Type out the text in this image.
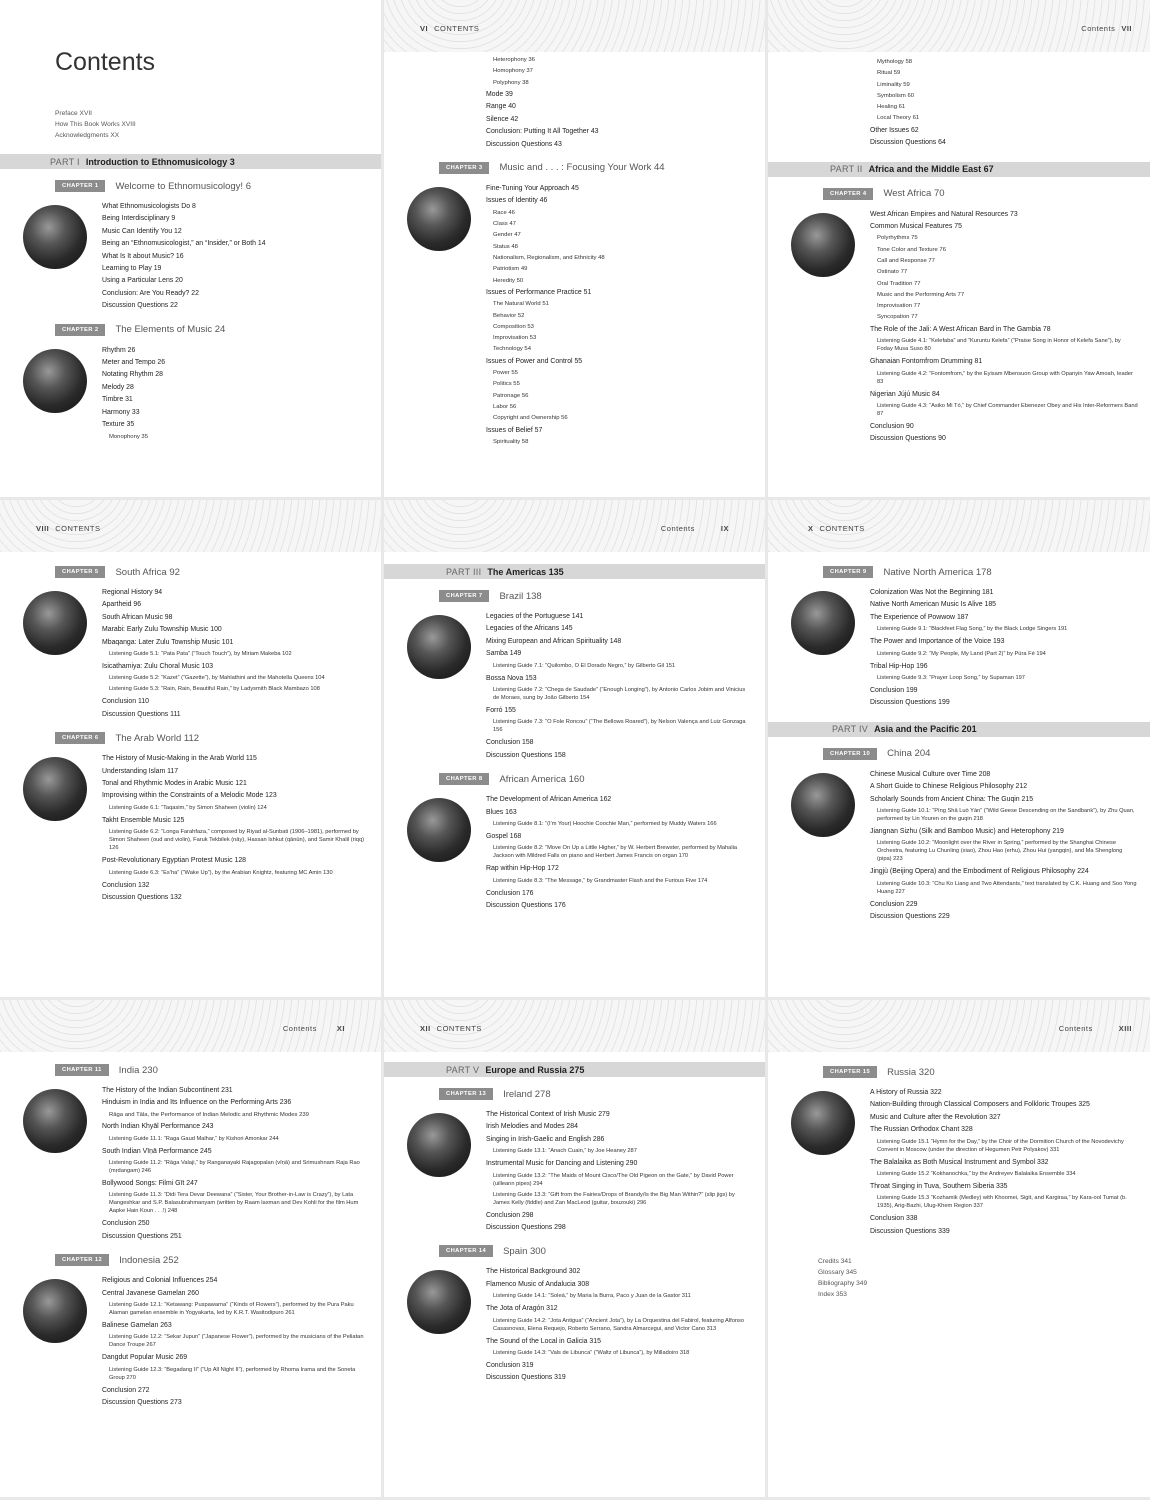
Contents
Preface XVII
How This Book Works XVIII
Acknowledgments XX
PART I Introduction to Ethnomusicology 3
CHAPTER 1	Welcome to Ethnomusicology! 6
What Ethnomusicologists Do 8
Being Interdisciplinary 9
Music Can Identify You 12
Being an “Ethnomusicologist,” an “Insider,” or Both 14
What Is It about Music? 16
Learning to Play 19
Using a Particular Lens 20
Conclusion: Are You Ready? 22
Discussion Questions 22
CHAPTER 2	The Elements of Music 24
Rhythm 26
Meter and Tempo 26
Notating Rhythm 28
Melody 28
Timbre 31
Harmony 33
Texture 35
Monophony 35
VI CONTENTS
Heterophony 36
Homophony 37
Polyphony 38
Mode 39
Range 40
Silence 42
Conclusion: Putting It All Together 43
Discussion Questions 43
CHAPTER 3	Music and . . . : Focusing Your Work 44
Fine-Tuning Your Approach 45
Issues of Identity 46
Race 46
Class 47
Gender 47
Status 48
Nationalism, Regionalism, and Ethnicity 48
Patriotism 49
Heredity 50
Issues of Performance Practice 51
The Natural World 51
Behavior 52
Composition 53
Improvisation 53
Technology 54
Issues of Power and Control 55
Power 55
Politics 55
Patronage 56
Labor 56
Copyright and Ownership 56
Issues of Belief 57
Spirituality 58
Contents VII
Mythology 58
Ritual 59
Liminality 59
Symbolism 60
Healing 61
Local Theory 61
Other Issues 62
Discussion Questions 64
PART II Africa and the Middle East 67
CHAPTER 4	West Africa 70
West African Empires and Natural Resources 73
Common Musical Features 75
Polyrhythms 75
Tone Color and Texture 76
Call and Response 77
Ostinato 77
Oral Tradition 77
Music and the Performing Arts 77
Improvisation 77
Syncopation 77
The Role of the Jali: A West African Bard in The Gambia 78
Listening Guide 4.1: “Kelefaba” and “Kuruntu Kelefa” (“Praise Song in Honor of Kelefa Sane”), by Foday Musa Suso 80
Ghanaian Fontomfrom Drumming 81
Listening Guide 4.2: “Fontomfrom,” by the Eyisam Mbensuon Group with Opanyin Yaw Amoah, leader 83
Nigerian Jújú Music 84
Listening Guide 4.3: “Asiko Mi Tó,” by Chief Commander Ebenezer Obey and His Inter-Reformers Band 87
Conclusion 90
Discussion Questions 90
VIII CONTENTS
CHAPTER 5	South Africa 92
Regional History 94
Apartheid 96
South African Music 98
Marabi: Early Zulu Township Music 100
Mbaqanga: Later Zulu Township Music 101
Listening Guide 5.1: “Pata Pata” (“Touch Touch”), by Miriam Makeba 102
Isicathamiya: Zulu Choral Music 103
Listening Guide 5.2: “Kazet” (“Gazette”), by Mahlathini and the Mahotella Queens 104
Listening Guide 5.3: “Rain, Rain, Beautiful Rain,” by Ladysmith Black Mambazo 108
Conclusion 110
Discussion Questions 111
CHAPTER 6	The Arab World 112
The History of Music-Making in the Arab World 115
Understanding Islam 117
Tonal and Rhythmic Modes in Arabic Music 121
Improvising within the Constraints of a Melodic Mode 123
Listening Guide 6.1: “Taqasim,” by Simon Shaheen (violin) 124
Takht Ensemble Music 125
Listening Guide 6.2: “Longa Farahfaza,” composed by Riyad al-Sunbati (1906–1981), performed by Simon Shaheen (oud and violin), Faruk Tekbilek (nāy), Hassan Ishkut (qānūn), and Samir Khalil (riqq) 126
Post-Revolutionary Egyptian Protest Music 128
Listening Guide 6.3: “Es’ha” (“Wake Up”), by the Arabian Knightz, featuring MC Amin 130
Conclusion 132
Discussion Questions 132
Contents	IX
PART III The Americas 135
CHAPTER 7	Brazil 138
Legacies of the Portuguese 141
Legacies of the Africans 145
Mixing European and African Spirituality 148
Samba 149
Listening Guide 7.1: “Quilombo, O El Dorado Negro,” by Gilberto Gil 151
Bossa Nova 153
Listening Guide 7.2: “Chega de Saudade” (“Enough Longing”), by Antonio Carlos Jobim and Vinicius de Moraes, sung by João Gilberto 154
Forró 155
Listening Guide 7.3: “O Fole Roncou” (“The Bellows Roared”), by Nelson Valença and Luiz Gonzaga 156
Conclusion 158
Discussion Questions 158
CHAPTER 8	African America 160
The Development of African America 162
Blues 163
Listening Guide 8.1: “(I’m Your) Hoochie Coochie Man,” performed by Muddy Waters 166
Gospel 168
Listening Guide 8.2: “Move On Up a Little Higher,” by W. Herbert Brewster, performed by Mahalia Jackson with Mildred Falls on piano and Herbert James Francis on organ 170
Rap within Hip-Hop 172
Listening Guide 8.3: “The Message,” by Grandmaster Flash and the Furious Five 174
Conclusion 176
Discussion Questions 176
X CONTENTS
CHAPTER 9	Native North America 178
Colonization Was Not the Beginning 181
Native North American Music Is Alive 185
The Experience of Powwow 187
Listening Guide 9.1: “Blackfeet Flag Song,” by the Black Lodge Singers 191
The Power and Importance of the Voice 193
Listening Guide 9.2: “My People, My Land (Part 2)” by Púra Fé 194
Tribal Hip-Hop 196
Listening Guide 9.3: “Prayer Loop Song,” by Supaman 197
Conclusion 199
Discussion Questions 199
PART IV Asia and the Pacific 201
CHAPTER 10	China 204
Chinese Musical Culture over Time 208
A Short Guide to Chinese Religious Philosophy 212
Scholarly Sounds from Ancient China: The Guqin 215
Listening Guide 10.1: “Píng Shā Luò Yàn” (“Wild Geese Descending on the Sandbank”), by Zhu Quan, performed by Lin Youren on the guqin 218
Jiangnan Sizhu (Silk and Bamboo Music) and Heterophony 219
Listening Guide 10.2: “Moonlight over the River in Spring,” performed by the Shanghai Chinese Orchestra, featuring Lu Chunling (xiao), Zhou Hao (erhu), Zhou Hui (yangqin), and Ma Shenglong (pipa) 223
Jingjù (Beijing Opera) and the Embodiment of Religious Philosophy 224
Listening Guide 10.3: “Chu Ko Liang and Two Attendants,” text translated by C.K. Huang and Soo Yong Huang 227
Conclusion 229
Discussion Questions 229
Contents	XI
CHAPTER 11	India 230
The History of the Indian Subcontinent 231
Hinduism in India and Its Influence on the Performing Arts 236
Rāga and Tāla, the Performance of Indian Melodic and Rhythmic Modes 239
North Indian Khyāl Performance 243
Listening Guide 11.1: “Raga Gaud Malhar,” by Kishori Amonkar 244
South Indian Vīṇā Performance 245
Listening Guide 11.2: “Rāga Valaji,” by Ranganayaki Rajagopalan (vīṇā) and Srimushnam Raja Rao (mṛdangam) 246
Bollywood Songs: Filmi Gīt 247
Listening Guide 11.3: “Didi Tera Devar Deewana” (“Sister, Your Brother-in-Law is Crazy”), by Lata Mangeshkar and S.P. Balasubrahmanyam (written by Raam laxman and Dev Kohli for the film Hum Aapke Hain Koun . . .!) 248
Conclusion 250
Discussion Questions 251
CHAPTER 12	Indonesia 252
Religious and Colonial Influences 254
Central Javanese Gamelan 260
Listening Guide 12.1: “Ketawang: Puspawarna” (“Kinds of Flowers”), performed by the Pura Paku Alaman gamelan ensemble in Yogyakarta, led by K.R.T. Wasitodipuro 261
Balinese Gamelan 263
Listening Guide 12.2: “Sekar Jupun” (“Japanese Flower”), performed by the musicians of the Peliatan Dance Troupe 267
Dangdut Popular Music 269
Listening Guide 12.3: “Begadang II” (“Up All Night II”), performed by Rhoma Irama and the Soneta Group 270
Conclusion 272
Discussion Questions 273
XII CONTENTS
PART V Europe and Russia 275
CHAPTER 13	Ireland 278
The Historical Context of Irish Music 279
Irish Melodies and Modes 284
Singing in Irish-Gaelic and English 286
Listening Guide 13.1: “Anach Cuain,” by Joe Heaney 287
Instrumental Music for Dancing and Listening 290
Listening Guide 13.2: “The Maids of Mount Cisco/The Old Pigeon on the Gate,” by David Power (uilleann pipes) 294
Listening Guide 13.3: “Gift from the Fairies/Drops of Brandy/Is the Big Man Within?” (slip jigs) by James Kelly (fiddle) and Zan MacLeod (guitar, bouzouki) 296
Conclusion 298
Discussion Questions 298
CHAPTER 14	Spain 300
The Historical Background 302
Flamenco Music of Andalucia 308
Listening Guide 14.1: “Soleá,” by Maria la Burra, Paco y Juan de la Gastor 311
The Jota of Aragón 312
Listening Guide 14.2: “Jota Antigua” (“Ancient Jota”), by La Orquestina del Fabirol, featuring Alfonso Casasnovas, Elena Requejo, Roberto Serrano, Sandra Almarcegui, and Victor Cano 313
The Sound of the Local in Galicia 315
Listening Guide 14.3: “Vals de Libunca” (“Waltz of Libunca”), by Milladoiro 318
Conclusion 319
Discussion Questions 319
Contents	XIII
CHAPTER 15	Russia 320
A History of Russia 322
Nation-Building through Classical Composers and Folkloric Troupes 325
Music and Culture after the Revolution 327
The Russian Orthodox Chant 328
Listening Guide 15.1 “Hymn for the Day,” by the Choir of the Dormition Church of the Novodevichy Convent in Moscow (under the direction of Hegumen Petr Polyakov) 331
The Balalaika as Both Musical Instrument and Symbol 332
Listening Guide 15.2 “Kokhanochka,” by the Andreyev Balalaika Ensemble 334
Throat Singing in Tuva, Southern Siberia 335
Listening Guide 15.3 “Kozhamik (Medley) with Khoomei, Sigit, and Kargiraa,” by Kara-ool Tumat (b. 1935), Arig-Bazhi, Ulug-Khem Region 337
Conclusion 338
Discussion Questions 339
Credits 341
Glossary 345
Bibliography 349
Index 353
